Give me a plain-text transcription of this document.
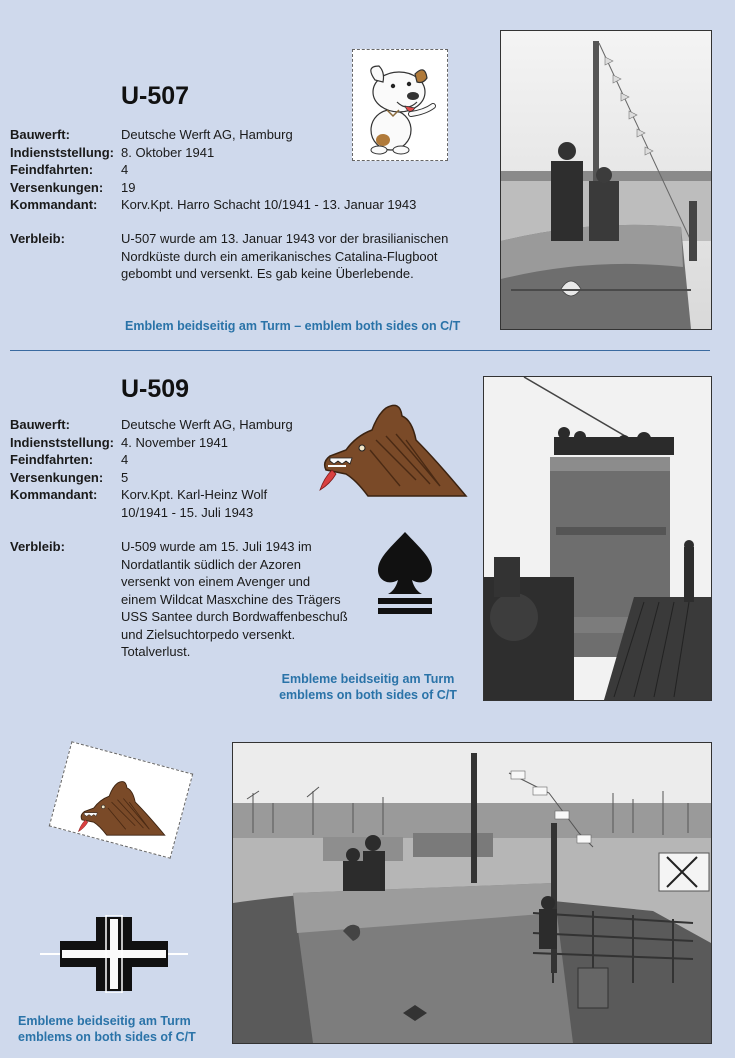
U-507
Bauwerft:
Indienststellung:
Feindfahrten:
Versenkungen:
Kommandant:
Deutsche Werft AG, Hamburg
8. Oktober 1941
4
19
Korv.Kpt. Harro Schacht 10/1941 - 13. Januar 1943
Verbleib:	U-507 wurde am 13. Januar 1943 vor der brasilianischen
Nordküste durch ein amerikanisches Catalina-Flugboot
gebombt und versenkt. Es gab keine Überlebende.
Emblem beidseitig am Turm – emblem both sides on C/T
U-509
Bauwerft:
Indienststellung:
Feindfahrten:
Versenkungen:
Kommandant:
Deutsche Werft AG, Hamburg
4. November 1941
4
5
Korv.Kpt. Karl-Heinz Wolf
10/1941 - 15. Juli 1943
Verbleib:	U-509 wurde am 15. Juli 1943 im
Nordatlantik südlich der Azoren
versenkt von einem Avenger und
einem Wildcat Masxchine des Trägers
USS Santee durch Bordwaffenbeschuß
und Zielsuchtorpedo versenkt.
Totalverlust.
Embleme beidseitig am Turm
emblems on both sides of C/T
Embleme beidseitig am Turm
emblems on both sides of C/T
